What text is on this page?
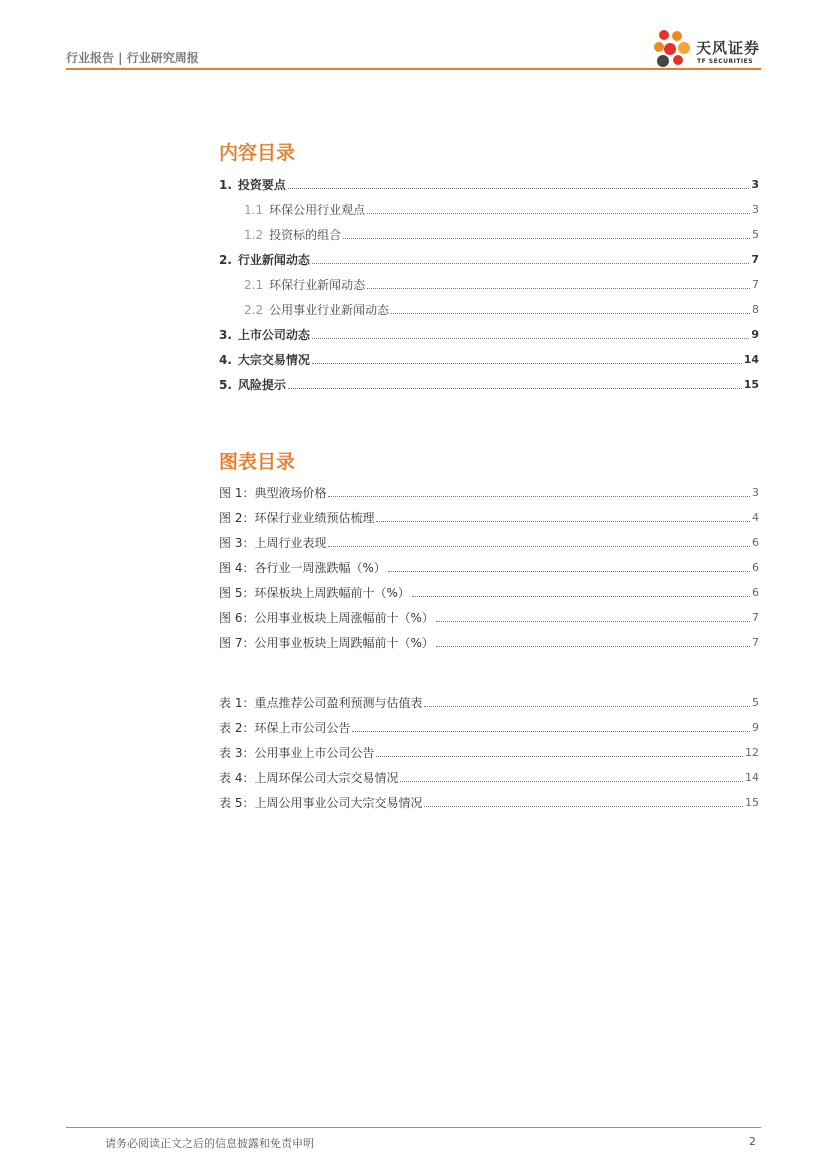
行业报告 | 行业研究周报
天风证券
TF SECURITIES
内容目录
1. 投资要点	3
1.1 环保公用行业观点	3
1.2 投资标的组合	5
2. 行业新闻动态	7
2.1 环保行业新闻动态	7
2.2 公用事业行业新闻动态	8
3. 上市公司动态	9
4. 大宗交易情况	14
5. 风险提示	15
图表目录
图 1：典型液场价格	3
图 2：环保行业业绩预估梳理	4
图 3：上周行业表现	6
图 4：各行业一周涨跌幅（%）	6
图 5：环保板块上周跌幅前十（%）	6
图 6：公用事业板块上周涨幅前十（%）	7
图 7：公用事业板块上周跌幅前十（%）	7
表 1：重点推荐公司盈利预测与估值表	5
表 2：环保上市公司公告	9
表 3：公用事业上市公司公告	12
表 4：上周环保公司大宗交易情况	14
表 5：上周公用事业公司大宗交易情况	15
请务必阅读正文之后的信息披露和免责申明	2
